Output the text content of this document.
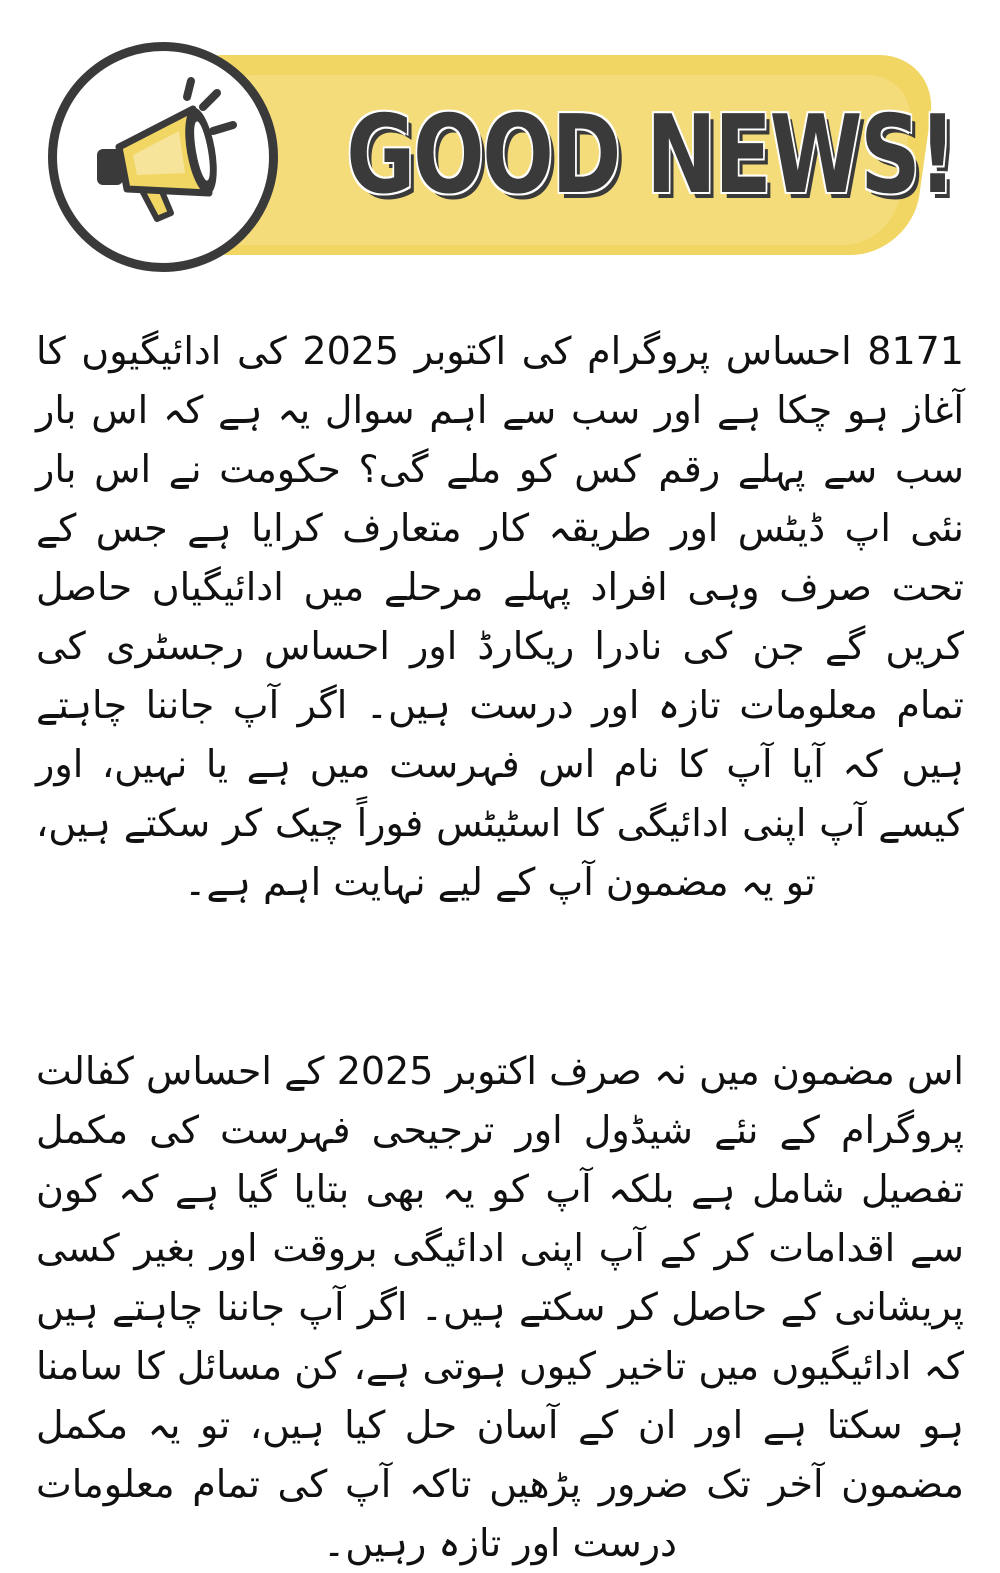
GOOD NEWS!

8171 احساس پروگرام کی اکتوبر 2025 کی ادائیگیوں کا آغاز ہو چکا ہے اور سب سے اہم سوال یہ ہے کہ اس بار سب سے پہلے رقم کس کو ملے گی؟ حکومت نے اس بار نئی اپ ڈیٹس اور طریقہ کار متعارف کرایا ہے جس کے تحت صرف وہی افراد پہلے مرحلے میں ادائیگیاں حاصل کریں گے جن کی نادرا ریکارڈ اور احساس رجسٹری کی تمام معلومات تازہ اور درست ہیں۔ اگر آپ جاننا چاہتے ہیں کہ آیا آپ کا نام اس فہرست میں ہے یا نہیں، اور کیسے آپ اپنی ادائیگی کا اسٹیٹس فوراً چیک کر سکتے ہیں، تو یہ مضمون آپ کے لیے نہایت اہم ہے۔

اس مضمون میں نہ صرف اکتوبر 2025 کے احساس کفالت پروگرام کے نئے شیڈول اور ترجیحی فہرست کی مکمل تفصیل شامل ہے بلکہ آپ کو یہ بھی بتایا گیا ہے کہ کون سے اقدامات کر کے آپ اپنی ادائیگی بروقت اور بغیر کسی پریشانی کے حاصل کر سکتے ہیں۔ اگر آپ جاننا چاہتے ہیں کہ ادائیگیوں میں تاخیر کیوں ہوتی ہے، کن مسائل کا سامنا ہو سکتا ہے اور ان کے آسان حل کیا ہیں، تو یہ مکمل مضمون آخر تک ضرور پڑھیں تاکہ آپ کی تمام معلومات درست اور تازہ رہیں۔
